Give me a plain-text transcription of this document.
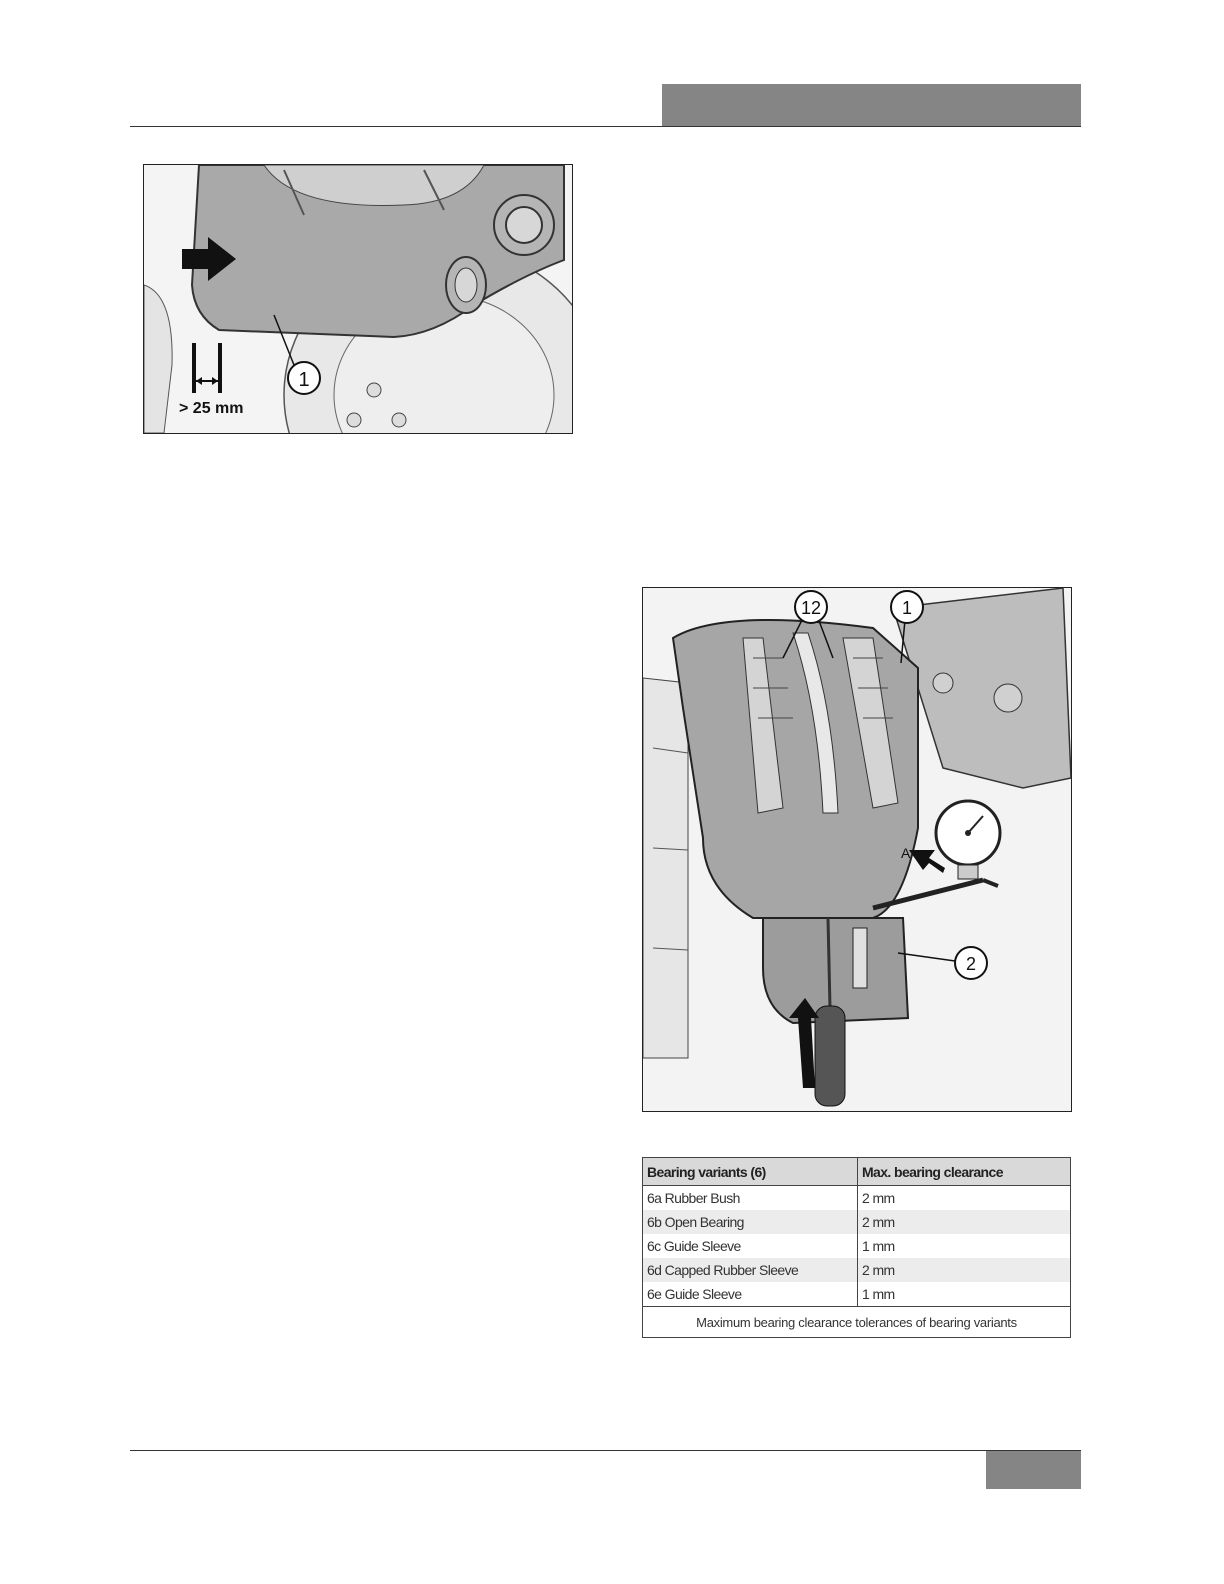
1
> 25 mm
A
12	1
2
Bearing variants (6)	Max. bearing clearance
6a Rubber Bush	2 mm
6b Open Bearing	2 mm
6c Guide Sleeve	1 mm
6d Capped Rubber Sleeve	2 mm
6e Guide Sleeve	1 mm
Maximum bearing clearance tolerances of bearing variants	
